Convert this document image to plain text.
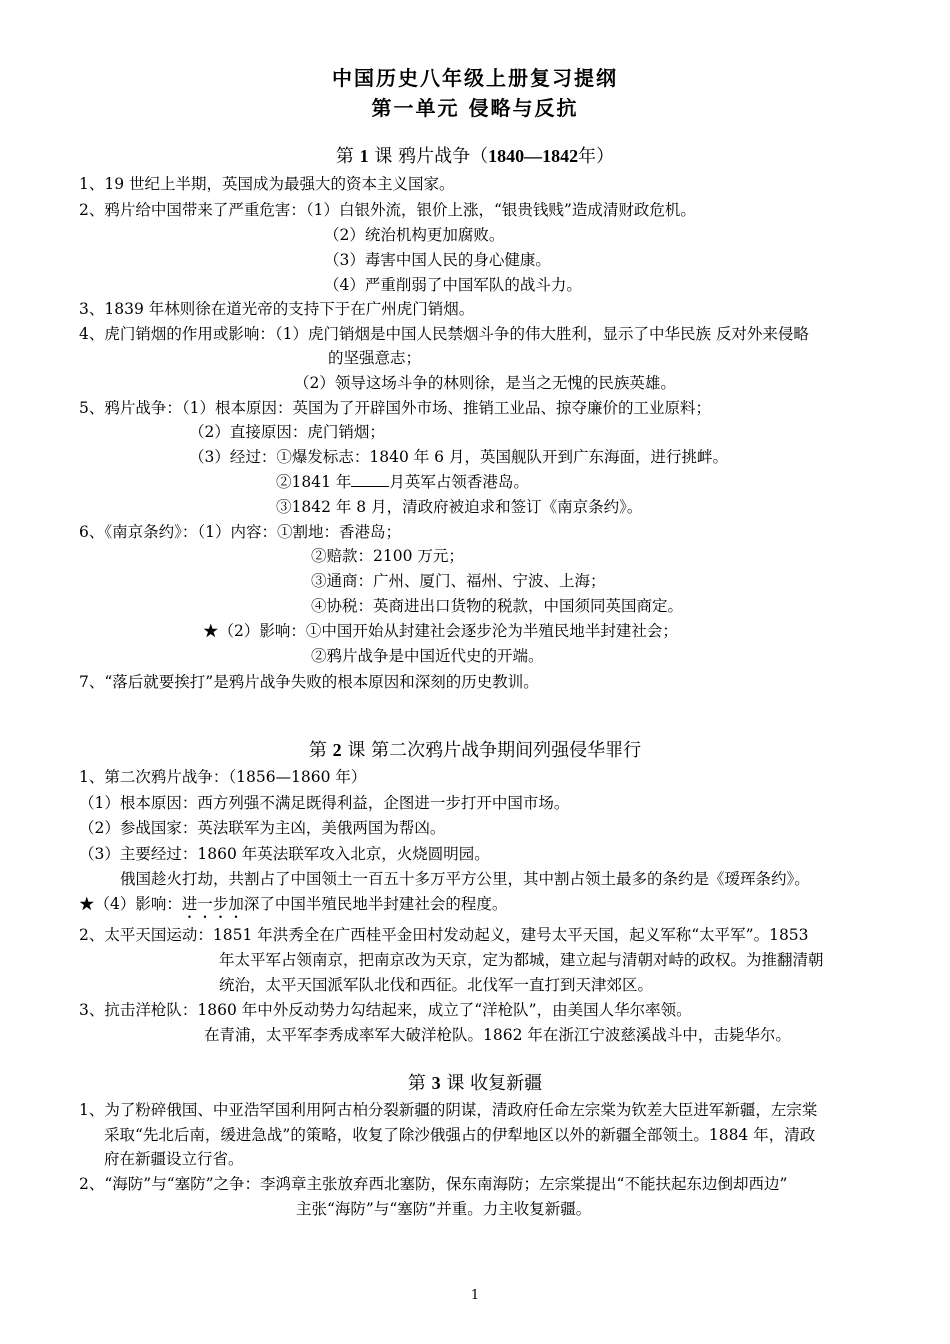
中国历史八年级上册复习提纲
第一单元 侵略与反抗
第 1 课 鸦片战争（1840—1842年）
1、19 世纪上半期，英国成为最强大的资本主义国家。
2、鸦片给中国带来了严重危害：（1）白银外流，银价上涨，“银贵钱贱”造成清财政危机。
（2）统治机构更加腐败。
（3）毒害中国人民的身心健康。
（4）严重削弱了中国军队的战斗力。
3、1839 年林则徐在道光帝的支持下于在广州虎门销烟。
4、虎门销烟的作用或影响：（1）虎门销烟是中国人民禁烟斗争的伟大胜利，显示了中华民族 反对外来侵略
的坚强意志；
（2）领导这场斗争的林则徐，是当之无愧的民族英雄。
5、鸦片战争：（1）根本原因：英国为了开辟国外市场、推销工业品、掠夺廉价的工业原料；
（2）直接原因：虎门销烟；
（3）经过：①爆发标志：1840 年 6 月，英国舰队开到广东海面，进行挑衅。
②1841 年 月英军占领香港岛。
③1842 年 8 月，清政府被迫求和签订《南京条约》。
6、《南京条约》：（1）内容：①割地：香港岛；
②赔款：2100 万元；
③通商：广州、厦门、福州、宁波、上海；
④协税：英商进出口货物的税款，中国须同英国商定。
★（2）影响：①中国开始从封建社会逐步沦为半殖民地半封建社会；
②鸦片战争是中国近代史的开端。
7、“落后就要挨打”是鸦片战争失败的根本原因和深刻的历史教训。
第 2 课 第二次鸦片战争期间列强侵华罪行
1、第二次鸦片战争：（1856—1860 年）
（1）根本原因：西方列强不满足既得利益，企图进一步打开中国市场。
（2）参战国家：英法联军为主凶，美俄两国为帮凶。
（3）主要经过：1860 年英法联军攻入北京，火烧圆明园。
俄国趁火打劫，共割占了中国领土一百五十多万平方公里，其中割占领土最多的条约是《瑷珲条约》。
★（4）影响：进一步加深了中国半殖民地半封建社会的程度。
2、太平天国运动：1851 年洪秀全在广西桂平金田村发动起义，建号太平天国，起义军称“太平军”。1853
年太平军占领南京，把南京改为天京，定为都城，建立起与清朝对峙的政权。为推翻清朝
统治，太平天国派军队北伐和西征。北伐军一直打到天津郊区。
3、抗击洋枪队：1860 年中外反动势力勾结起来，成立了“洋枪队”，由美国人华尔率领。
在青浦，太平军李秀成率军大破洋枪队。1862 年在浙江宁波慈溪战斗中，击毙华尔。
第 3 课 收复新疆
1、为了粉碎俄国、中亚浩罕国利用阿古柏分裂新疆的阴谋，清政府任命左宗棠为钦差大臣进军新疆，左宗棠
采取“先北后南，缓进急战”的策略，收复了除沙俄强占的伊犁地区以外的新疆全部领土。1884 年，清政
府在新疆设立行省。
2、“海防”与“塞防”之争：李鸿章主张放弃西北塞防，保东南海防；左宗棠提出“不能扶起东边倒却西边”
主张“海防”与“塞防”并重。力主收复新疆。
1
